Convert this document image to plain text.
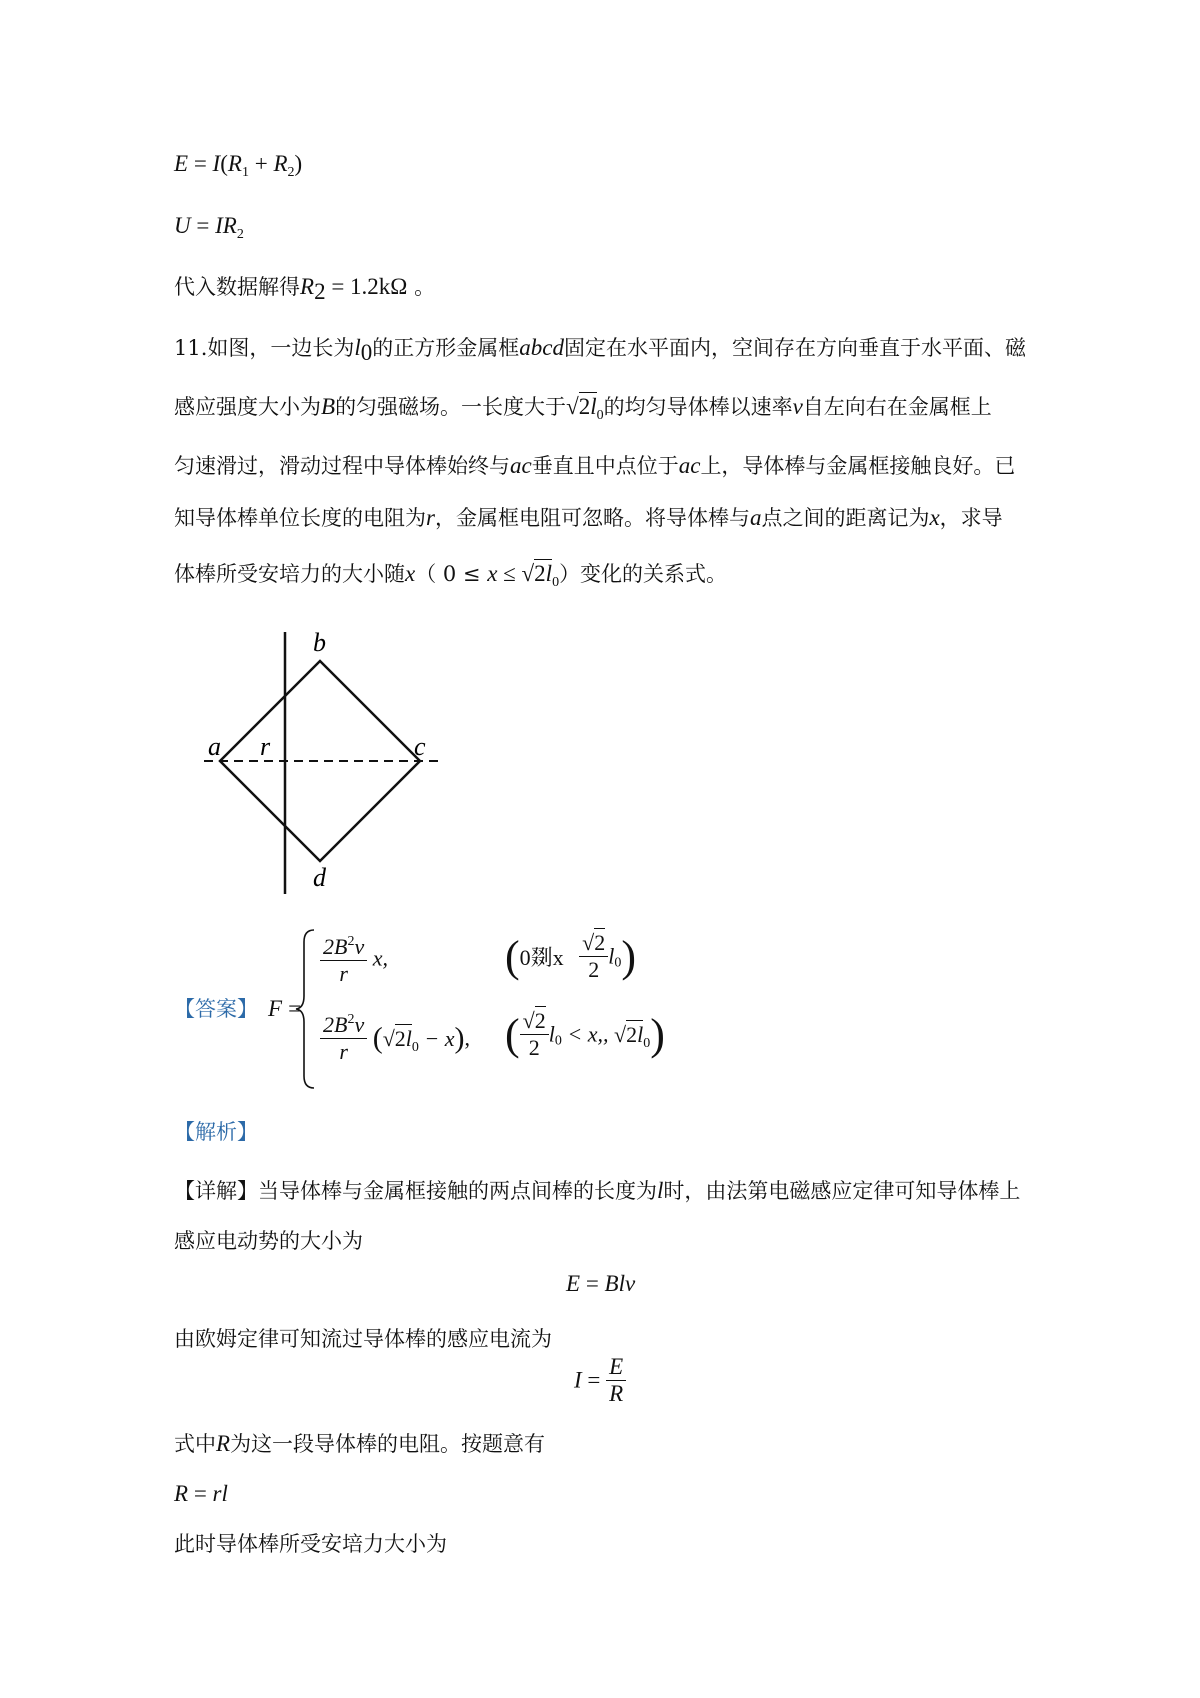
$E = I(R_1 + R_2)$
$U = IR_2$
代入数据解得$R_2 = 1.2k\Omega$ 。
11.如图，一边长为$l_0$的正方形金属框abcd固定在水平面内，空间存在方向垂直于水平面、磁
感应强度大小为B的匀强磁场。一长度大于$√2l_0$的均匀导体棒以速率v自左向右在金属框上
匀速滑过，滑动过程中导体棒始终与ac垂直且中点位于ac上，导体棒与金属框接触良好。已
知导体棒单位长度的电阻为r，金属框电阻可忽略。将导体棒与a点之间的距离记为x，求导
体棒所受安培力的大小随x（ $0 \le x \le √2l_0$）变化的关系式。
b
a r	c
d
【答案】 F =
$\frac{2B^2v}{r} x$,	(0剟x $\frac{√2}{2} l_0$)
$\frac{2B^2v}{r} (√2l_0 - x)$, ( $\frac{√2}{2} l_0 < x$,, $√2l_0$)
【解析】
【详解】当导体棒与金属框接触的两点间棒的长度为l时，由法第电磁感应定律可知导体棒上
感应电动势的大小为
E = Blv
由欧姆定律可知流过导体棒的感应电流为
$I = \frac{E}{R}$
式中R为这一段导体棒的电阻。按题意有
R = rl
此时导体棒所受安培力大小为
